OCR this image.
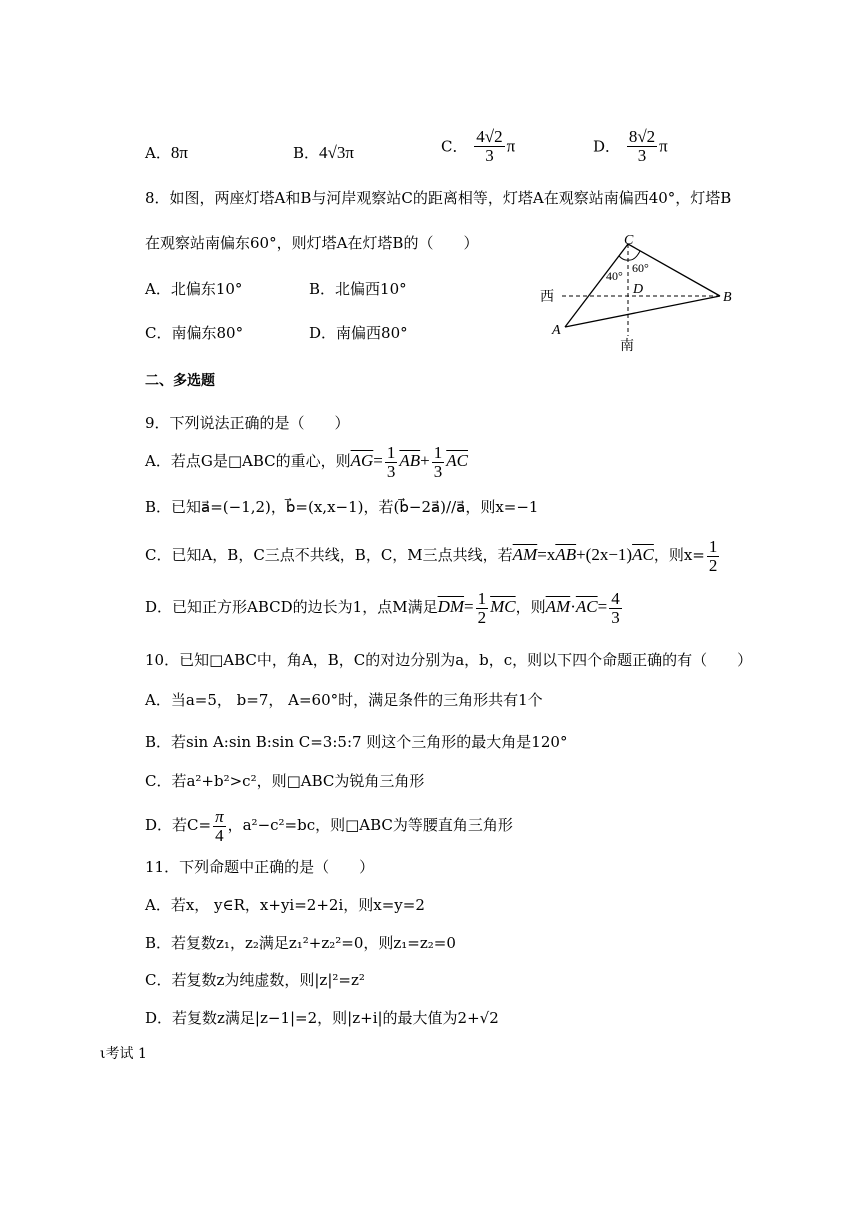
A．8π	B．4√3π	C． $\frac{4√2}{3}$ π	D． $\frac{8√2}{3}$ π
8．如图，两座灯塔A和B与河岸观察站C的距离相等，灯塔A在观察站南偏西40°，灯塔B
在观察站南偏东60°，则灯塔A在灯塔B的（　　）
A．北偏东10°	B．北偏西10°
C．南偏东80°	D．南偏西80°
C
40°
60°
D
B
A
西
南
二、多选题
9．下列说法正确的是（　　）
A．若点G是□ABC的重心，则$\overline{AG}= \frac{1}{3} \overline{AB}+ \frac{1}{3} \overline{AC}$
B．已知a⃗=(−1,2)，b⃗=(x,x−1)，若(b⃗−2a⃗)//a⃗，则x=−1
C．已知A，B，C三点不共线，B，C，M三点共线，若$\overline{AM}=x\overline{AB}+(2x-1)\overline{AC}$，则$x= \frac{1}{2}$
D．已知正方形ABCD的边长为1，点M满足$\overline{DM}= \frac{1}{2} \overline{MC}$，则$\overline{AM}\cdot\overline{AC}= \frac{4}{3}$
10．已知□ABC中，角A，B，C的对边分别为a，b，c，则以下四个命题正确的有（　　）
A．当a=5， b=7， A=60°时，满足条件的三角形共有1个
B．若sin A:sin B:sin C=3:5:7 则这个三角形的最大角是120°
C．若a²+b²>c²，则□ABC为锐角三角形
D．若$C= \frac{\pi}{4}$ ，a²−c²=bc，则□ABC为等腰直角三角形
11．下列命题中正确的是（　　）
A．若x， y∈R，x+yi=2+2i，则x=y=2
B．若复数z₁，z₂满足z₁²+z₂²=0，则z₁=z₂=0
C．若复数z为纯虚数，则|z|²=z²
D．若复数z满足|z−1|=2，则|z+i|的最大值为2+√2
ι考试 1
